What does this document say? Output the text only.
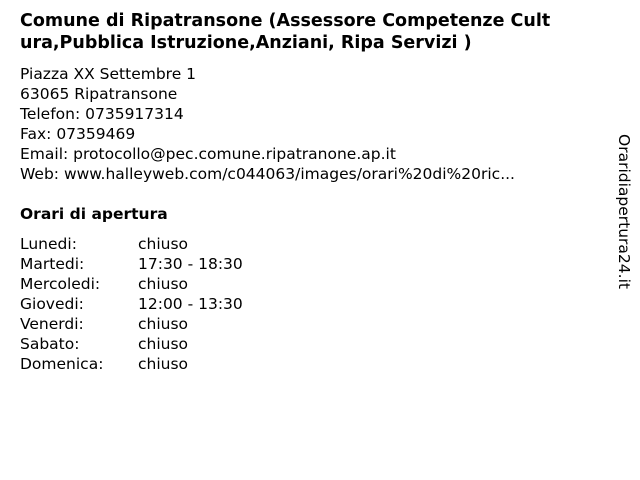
Comune di Ripatransone (Assessore Competenze Cultura,Pubblica Istruzione,Anziani, Ripa Servizi )
Piazza XX Settembre 1
63065 Ripatransone
Telefon: 0735917314
Fax: 07359469
Email: protocollo@pec.comune.ripatranone.ap.it
Web: www.halleyweb.com/c044063/images/orari%20di%20ric...
Orari di apertura
Lunedi:	chiuso
Martedi:	17:30 - 18:30
Mercoledi: chiuso
Giovedi:	12:00 - 13:30
Venerdi:	chiuso
Sabato:	chiuso
Domenica: chiuso
Oraridiapertura24.it
